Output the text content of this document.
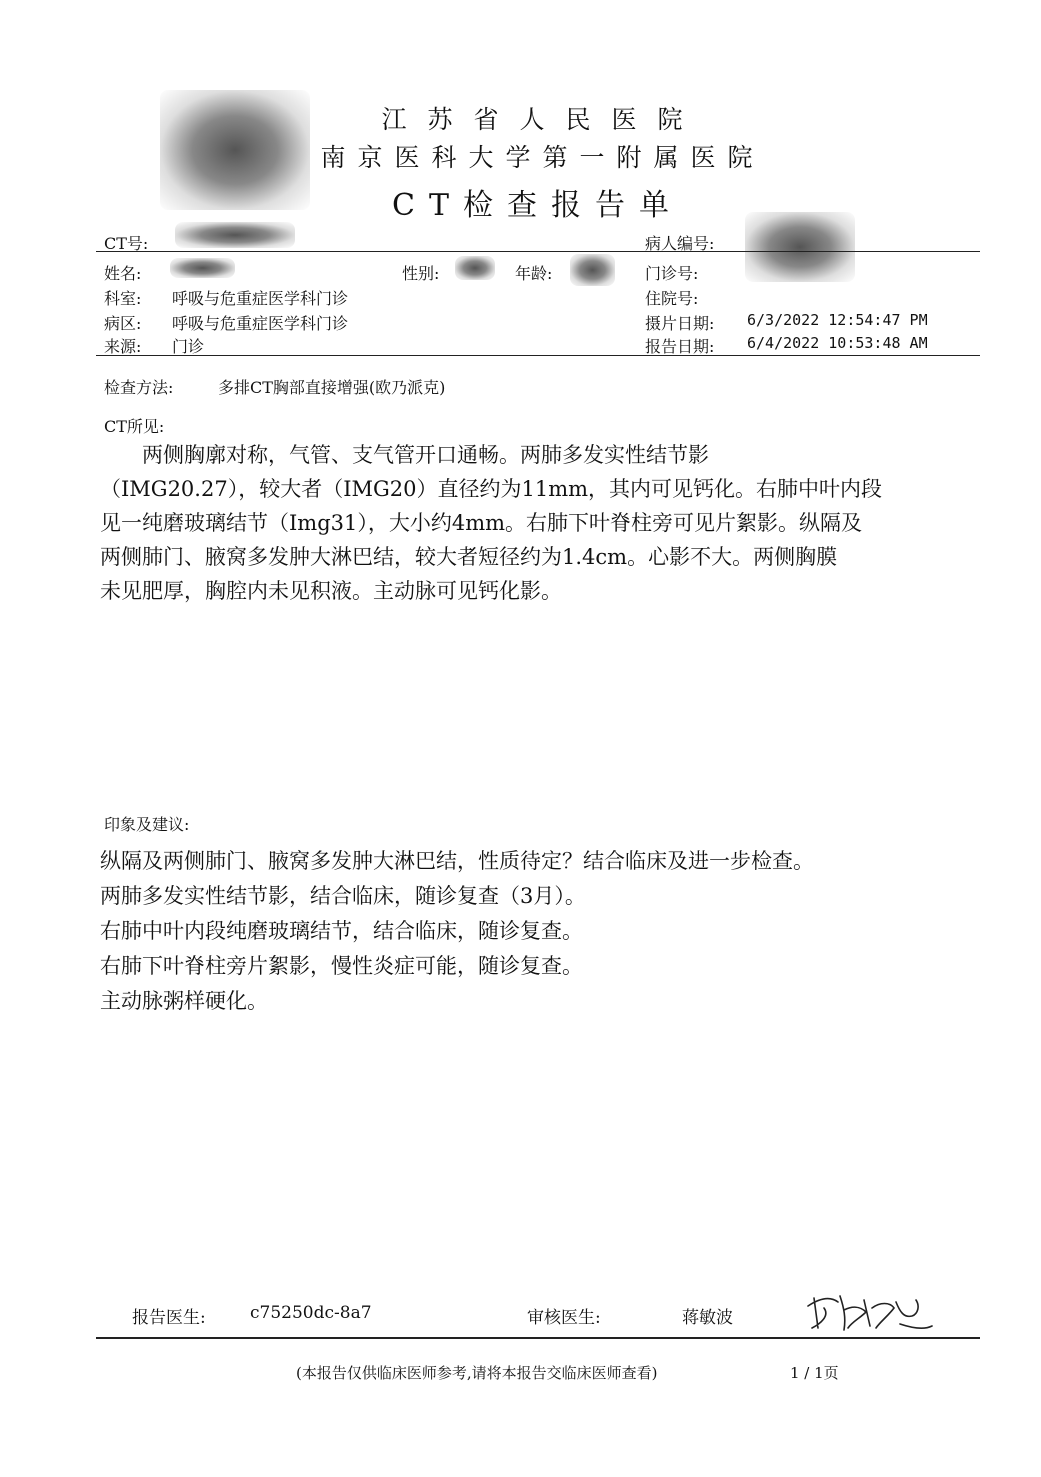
江苏省人民医院
南京医科大学第一附属医院
CT检查报告单
CT号:	病人编号:
姓名:	性别:	年龄:	门诊号:
科室: 呼吸与危重症医学科门诊	住院号:
病区: 呼吸与危重症医学科门诊	摄片日期: 6/3/2022 12:54:47 PM
来源: 门诊	报告日期: 6/4/2022 10:53:48 AM
检查方法:	多排CT胸部直接增强(欧乃派克)
CT所见:
　　两侧胸廓对称，气管、支气管开口通畅。两肺多发实性结节影
（IMG20.27），较大者（IMG20）直径约为11mm，其内可见钙化。右肺中叶内段
见一纯磨玻璃结节（Img31），大小约4mm。右肺下叶脊柱旁可见片絮影。纵隔及
两侧肺门、腋窝多发肿大淋巴结，较大者短径约为1.4cm。心影不大。两侧胸膜
未见肥厚，胸腔内未见积液。主动脉可见钙化影。
印象及建议:
纵隔及两侧肺门、腋窝多发肿大淋巴结，性质待定？结合临床及进一步检查。
两肺多发实性结节影，结合临床，随诊复查（3月）。
右肺中叶内段纯磨玻璃结节，结合临床，随诊复查。
右肺下叶脊柱旁片絮影，慢性炎症可能，随诊复查。
主动脉粥样硬化。
报告医生:	c75250dc-8a7	审核医生:	蒋敏波
(本报告仅供临床医师参考,请将本报告交临床医师查看)	1 / 1页
